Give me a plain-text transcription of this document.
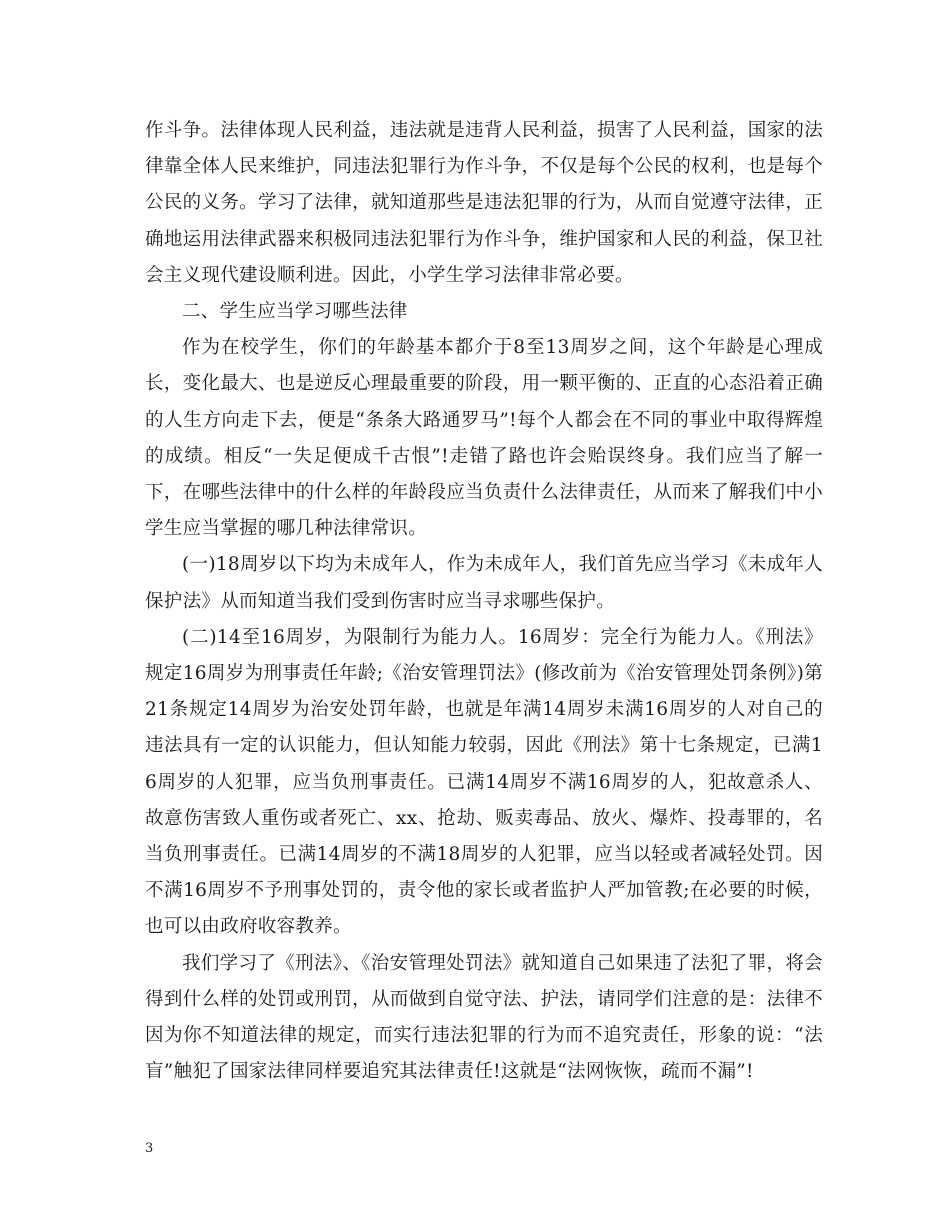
作斗争。法律体现人民利益，违法就是违背人民利益，损害了人民利益，国家的法律靠全体人民来维护，同违法犯罪行为作斗争，不仅是每个公民的权利，也是每个公民的义务。学习了法律，就知道那些是违法犯罪的行为，从而自觉遵守法律，正确地运用法律武器来积极同违法犯罪行为作斗争，维护国家和人民的利益，保卫社会主义现代建设顺利进。因此，小学生学习法律非常必要。

二、学生应当学习哪些法律

作为在校学生，你们的年龄基本都介于8至13周岁之间，这个年龄是心理成长，变化最大、也是逆反心理最重要的阶段，用一颗平衡的、正直的心态沿着正确的人生方向走下去，便是“条条大路通罗马”!每个人都会在不同的事业中取得辉煌的成绩。相反“一失足便成千古恨”!走错了路也许会贻误终身。我们应当了解一下，在哪些法律中的什么样的年龄段应当负责什么法律责任，从而来了解我们中小学生应当掌握的哪几种法律常识。

(一)18周岁以下均为未成年人，作为未成年人，我们首先应当学习《未成年人保护法》从而知道当我们受到伤害时应当寻求哪些保护。

(二)14至16周岁，为限制行为能力人。16周岁：完全行为能力人。《刑法》规定16周岁为刑事责任年龄;《治安管理罚法》(修改前为《治安管理处罚条例》)第21条规定14周岁为治安处罚年龄，也就是年满14周岁未满16周岁的人对自己的违法具有一定的认识能力，但认知能力较弱，因此《刑法》第十七条规定，已满16周岁的人犯罪，应当负刑事责任。已满14周岁不满16周岁的人，犯故意杀人、故意伤害致人重伤或者死亡、xx、抢劫、贩卖毒品、放火、爆炸、投毒罪的，名当负刑事责任。已满14周岁的不满18周岁的人犯罪，应当以轻或者减轻处罚。因不满16周岁不予刑事处罚的，责令他的家长或者监护人严加管教;在必要的时候，也可以由政府收容教养。

我们学习了《刑法》、《治安管理处罚法》就知道自己如果违了法犯了罪，将会得到什么样的处罚或刑罚，从而做到自觉守法、护法，请同学们注意的是：法律不因为你不知道法律的规定，而实行违法犯罪的行为而不追究责任，形象的说：“法盲”触犯了国家法律同样要追究其法律责任!这就是“法网恢恢，疏而不漏”!

3
